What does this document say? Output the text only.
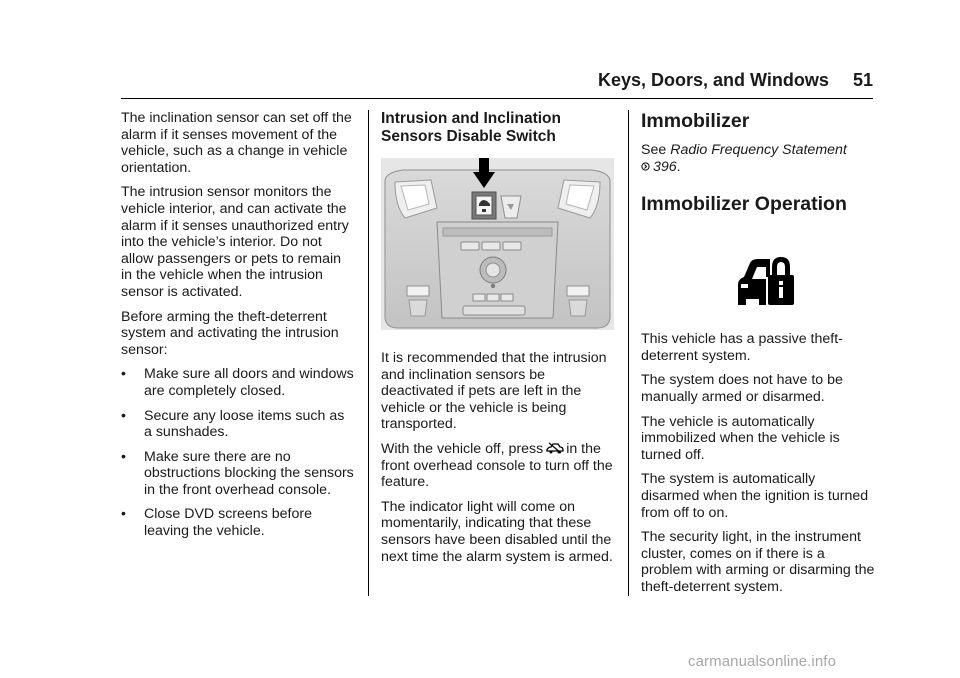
Keys, Doors, and Windows 51

The inclination sensor can set off the alarm if it senses movement of the vehicle, such as a change in vehicle orientation.

The intrusion sensor monitors the vehicle interior, and can activate the alarm if it senses unauthorized entry into the vehicle’s interior. Do not allow passengers or pets to remain in the vehicle when the intrusion sensor is activated.

Before arming the theft-deterrent system and activating the intrusion sensor:

• Make sure all doors and windows are completely closed.
• Secure any loose items such as a sunshades.
• Make sure there are no obstructions blocking the sensors in the front overhead console.
• Close DVD screens before leaving the vehicle.
Intrusion and Inclination Sensors Disable Switch

It is recommended that the intrusion and inclination sensors be deactivated if pets are left in the vehicle or the vehicle is being transported.

With the vehicle off, press in the front overhead console to turn off the feature.

The indicator light will come on momentarily, indicating that these sensors have been disabled until the next time the alarm system is armed.

Immobilizer

See Radio Frequency Statement
396.

Immobilizer Operation

This vehicle has a passive theft-deterrent system.

The system does not have to be manually armed or disarmed.

The vehicle is automatically immobilized when the vehicle is turned off.

The system is automatically disarmed when the ignition is turned from off to on.

The security light, in the instrument cluster, comes on if there is a problem with arming or disarming the theft-deterrent system.

carmanualsonline.info
